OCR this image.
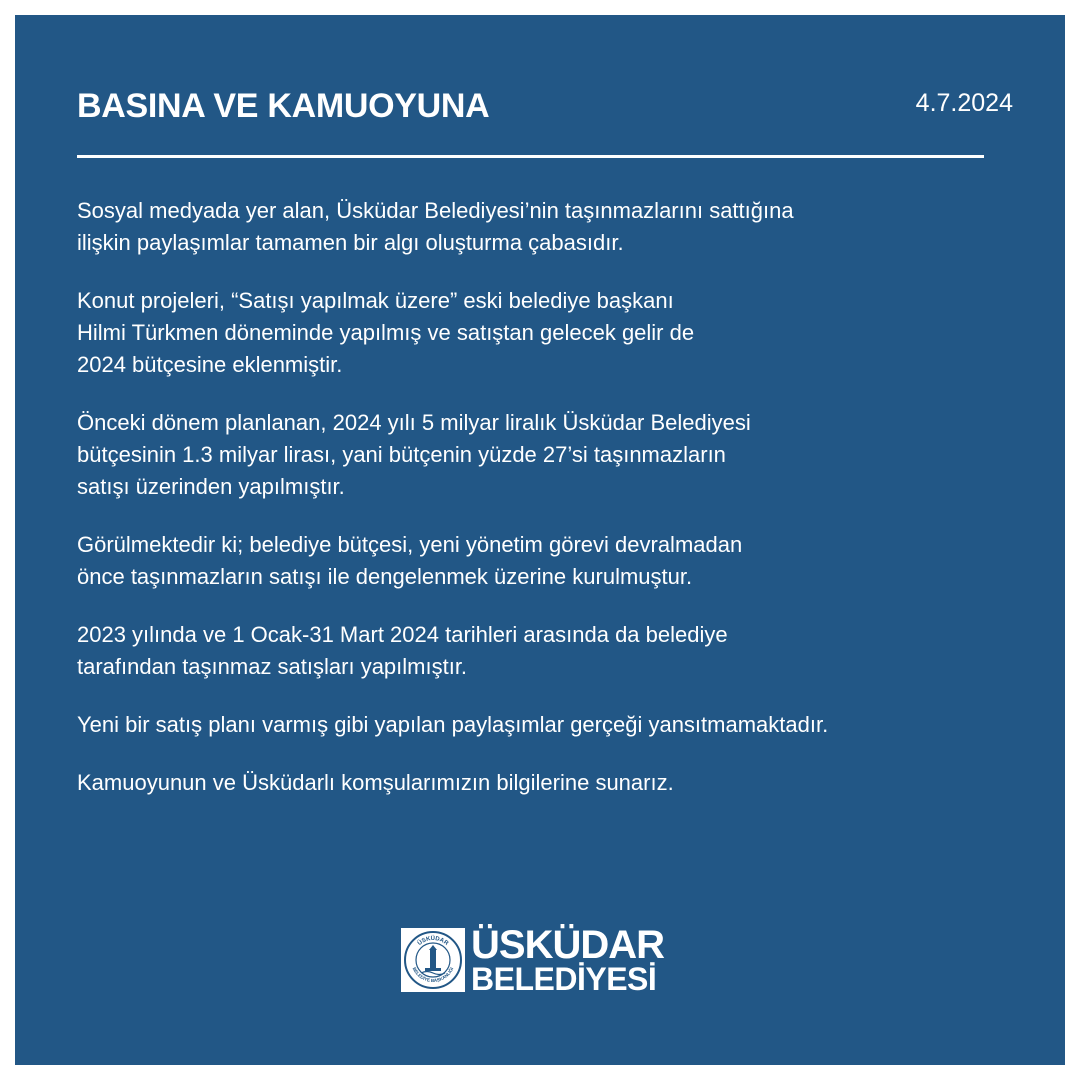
BASINA VE KAMUOYUNA	4.7.2024

Sosyal medyada yer alan, Üsküdar Belediyesi’nin taşınmazlarını sattığına
ilişkin paylaşımlar tamamen bir algı oluşturma çabasıdır.

Konut projeleri, “Satışı yapılmak üzere” eski belediye başkanı
Hilmi Türkmen döneminde yapılmış ve satıştan gelecek gelir de
2024 bütçesine eklenmiştir.

Önceki dönem planlanan, 2024 yılı 5 milyar liralık Üsküdar Belediyesi
bütçesinin 1.3 milyar lirası, yani bütçenin yüzde 27’si taşınmazların
satışı üzerinden yapılmıştır.

Görülmektedir ki; belediye bütçesi, yeni yönetim görevi devralmadan
önce taşınmazların satışı ile dengelenmek üzerine kurulmuştur.

2023 yılında ve 1 Ocak-31 Mart 2024 tarihleri arasında da belediye
tarafından taşınmaz satışları yapılmıştır.

Yeni bir satış planı varmış gibi yapılan paylaşımlar gerçeği yansıtmamaktadır.

Kamuoyunun ve Üsküdarlı komşularımızın bilgilerine sunarız.

ÜSKÜDAR
BELEDİYE BAŞKANLIĞI
ÜSKÜDAR
BELEDİYESİ
